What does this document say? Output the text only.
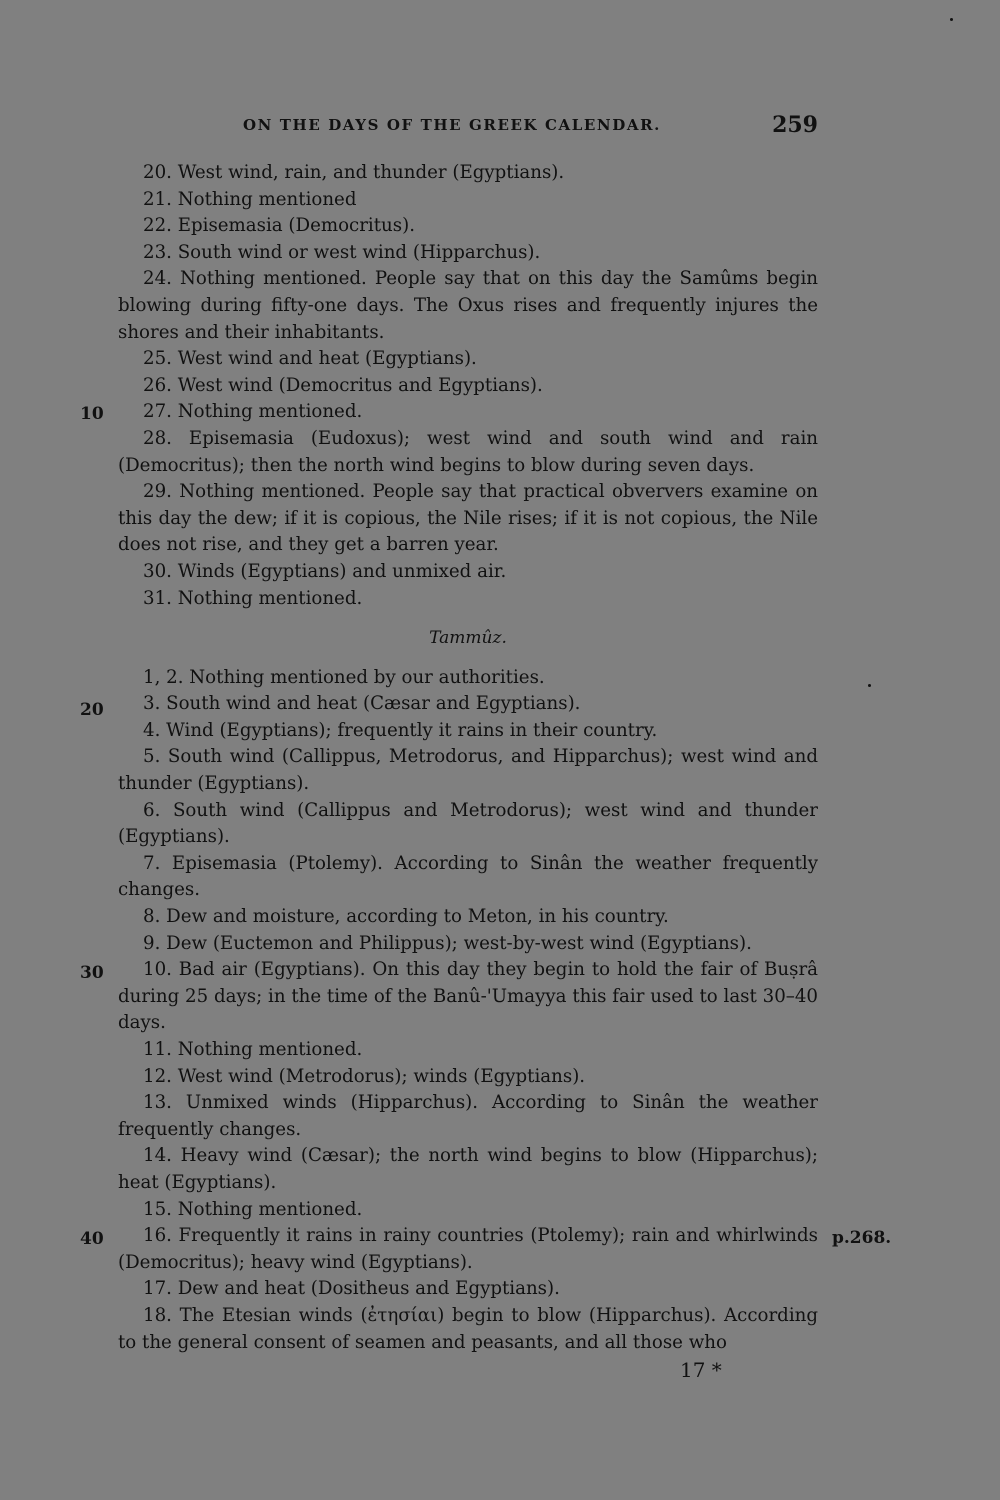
ON THE DAYS OF THE GREEK CALENDAR.	259

20. West wind, rain, and thunder (Egyptians).

21. Nothing mentioned

22. Episemasia (Democritus).

23. South wind or west wind (Hipparchus).

24. Nothing mentioned. People say that on this day the Samûms begin blowing during fifty-one days. The Oxus rises and frequently injures the shores and their inhabitants.

25. West wind and heat (Egyptians).

26. West wind (Democritus and Egyptians).

27. Nothing mentioned.

28. Episemasia (Eudoxus); west wind and south wind and rain (Democritus); then the north wind begins to blow during seven days.

29. Nothing mentioned. People say that practical obververs examine on this day the dew; if it is copious, the Nile rises; if it is not copious, the Nile does not rise, and they get a barren year.

30. Winds (Egyptians) and unmixed air.

31. Nothing mentioned.

Tammûz.

1, 2. Nothing mentioned by our authorities.

3. South wind and heat (Cæsar and Egyptians).

4. Wind (Egyptians); frequently it rains in their country.

5. South wind (Callippus, Metrodorus, and Hipparchus); west wind and thunder (Egyptians).

6. South wind (Callippus and Metrodorus); west wind and thunder (Egyptians).

7. Episemasia (Ptolemy). According to Sinân the weather frequently changes.

8. Dew and moisture, according to Meton, in his country.

9. Dew (Euctemon and Philippus); west-by-west wind (Egyptians).

10. Bad air (Egyptians). On this day they begin to hold the fair of Buṣrâ during 25 days; in the time of the Banû-'Umayya this fair used to last 30–40 days.

11. Nothing mentioned.

12. West wind (Metrodorus); winds (Egyptians).

13. Unmixed winds (Hipparchus). According to Sinân the weather frequently changes.

14. Heavy wind (Cæsar); the north wind begins to blow (Hipparchus); heat (Egyptians).

15. Nothing mentioned.

16. Frequently it rains in rainy countries (Ptolemy); rain and whirlwinds (Democritus); heavy wind (Egyptians).

17. Dew and heat (Dositheus and Egyptians).

18. The Etesian winds (ἐτησίαι) begin to blow (Hipparchus). According to the general consent of seamen and peasants, and all those who

10
20
30
40	p.268.
17 *
